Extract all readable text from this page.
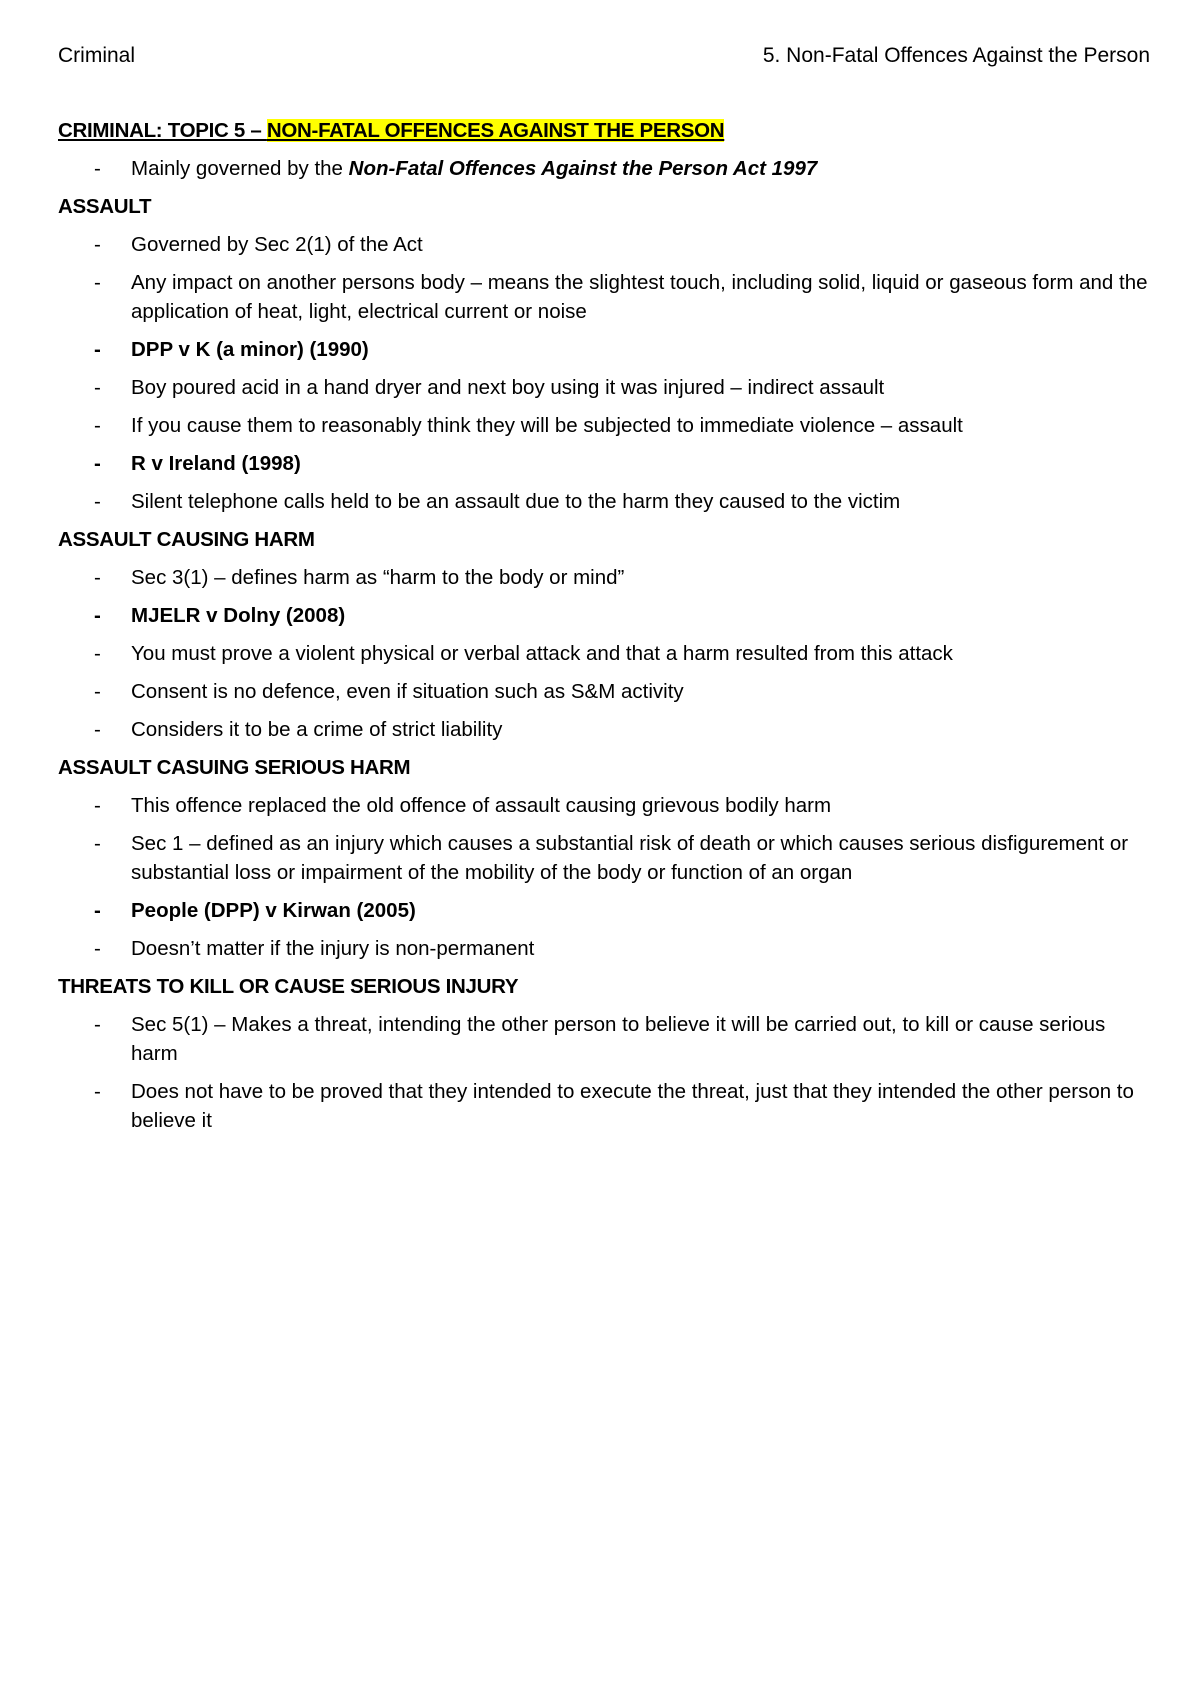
Criminal	5. Non-Fatal Offences Against the Person
CRIMINAL: TOPIC 5 – NON-FATAL OFFENCES AGAINST THE PERSON
- Mainly governed by the Non-Fatal Offences Against the Person Act 1997
ASSAULT
- Governed by Sec 2(1) of the Act
- Any impact on another persons body – means the slightest touch, including solid, liquid or gaseous form and the application of heat, light, electrical current or noise
- DPP v K (a minor) (1990)
- Boy poured acid in a hand dryer and next boy using it was injured – indirect assault
- If you cause them to reasonably think they will be subjected to immediate violence – assault
- R v Ireland (1998)
- Silent telephone calls held to be an assault due to the harm they caused to the victim
ASSAULT CAUSING HARM
- Sec 3(1) – defines harm as “harm to the body or mind”
- MJELR v Dolny (2008)
- You must prove a violent physical or verbal attack and that a harm resulted from this attack
- Consent is no defence, even if situation such as S&M activity
- Considers it to be a crime of strict liability
ASSAULT CASUING SERIOUS HARM
- This offence replaced the old offence of assault causing grievous bodily harm
- Sec 1 – defined as an injury which causes a substantial risk of death or which causes serious disfigurement or substantial loss or impairment of the mobility of the body or function of an organ
- People (DPP) v Kirwan (2005)
- Doesn’t matter if the injury is non-permanent
THREATS TO KILL OR CAUSE SERIOUS INJURY
- Sec 5(1) – Makes a threat, intending the other person to believe it will be carried out, to kill or cause serious harm
- Does not have to be proved that they intended to execute the threat, just that they intended the other person to believe it
